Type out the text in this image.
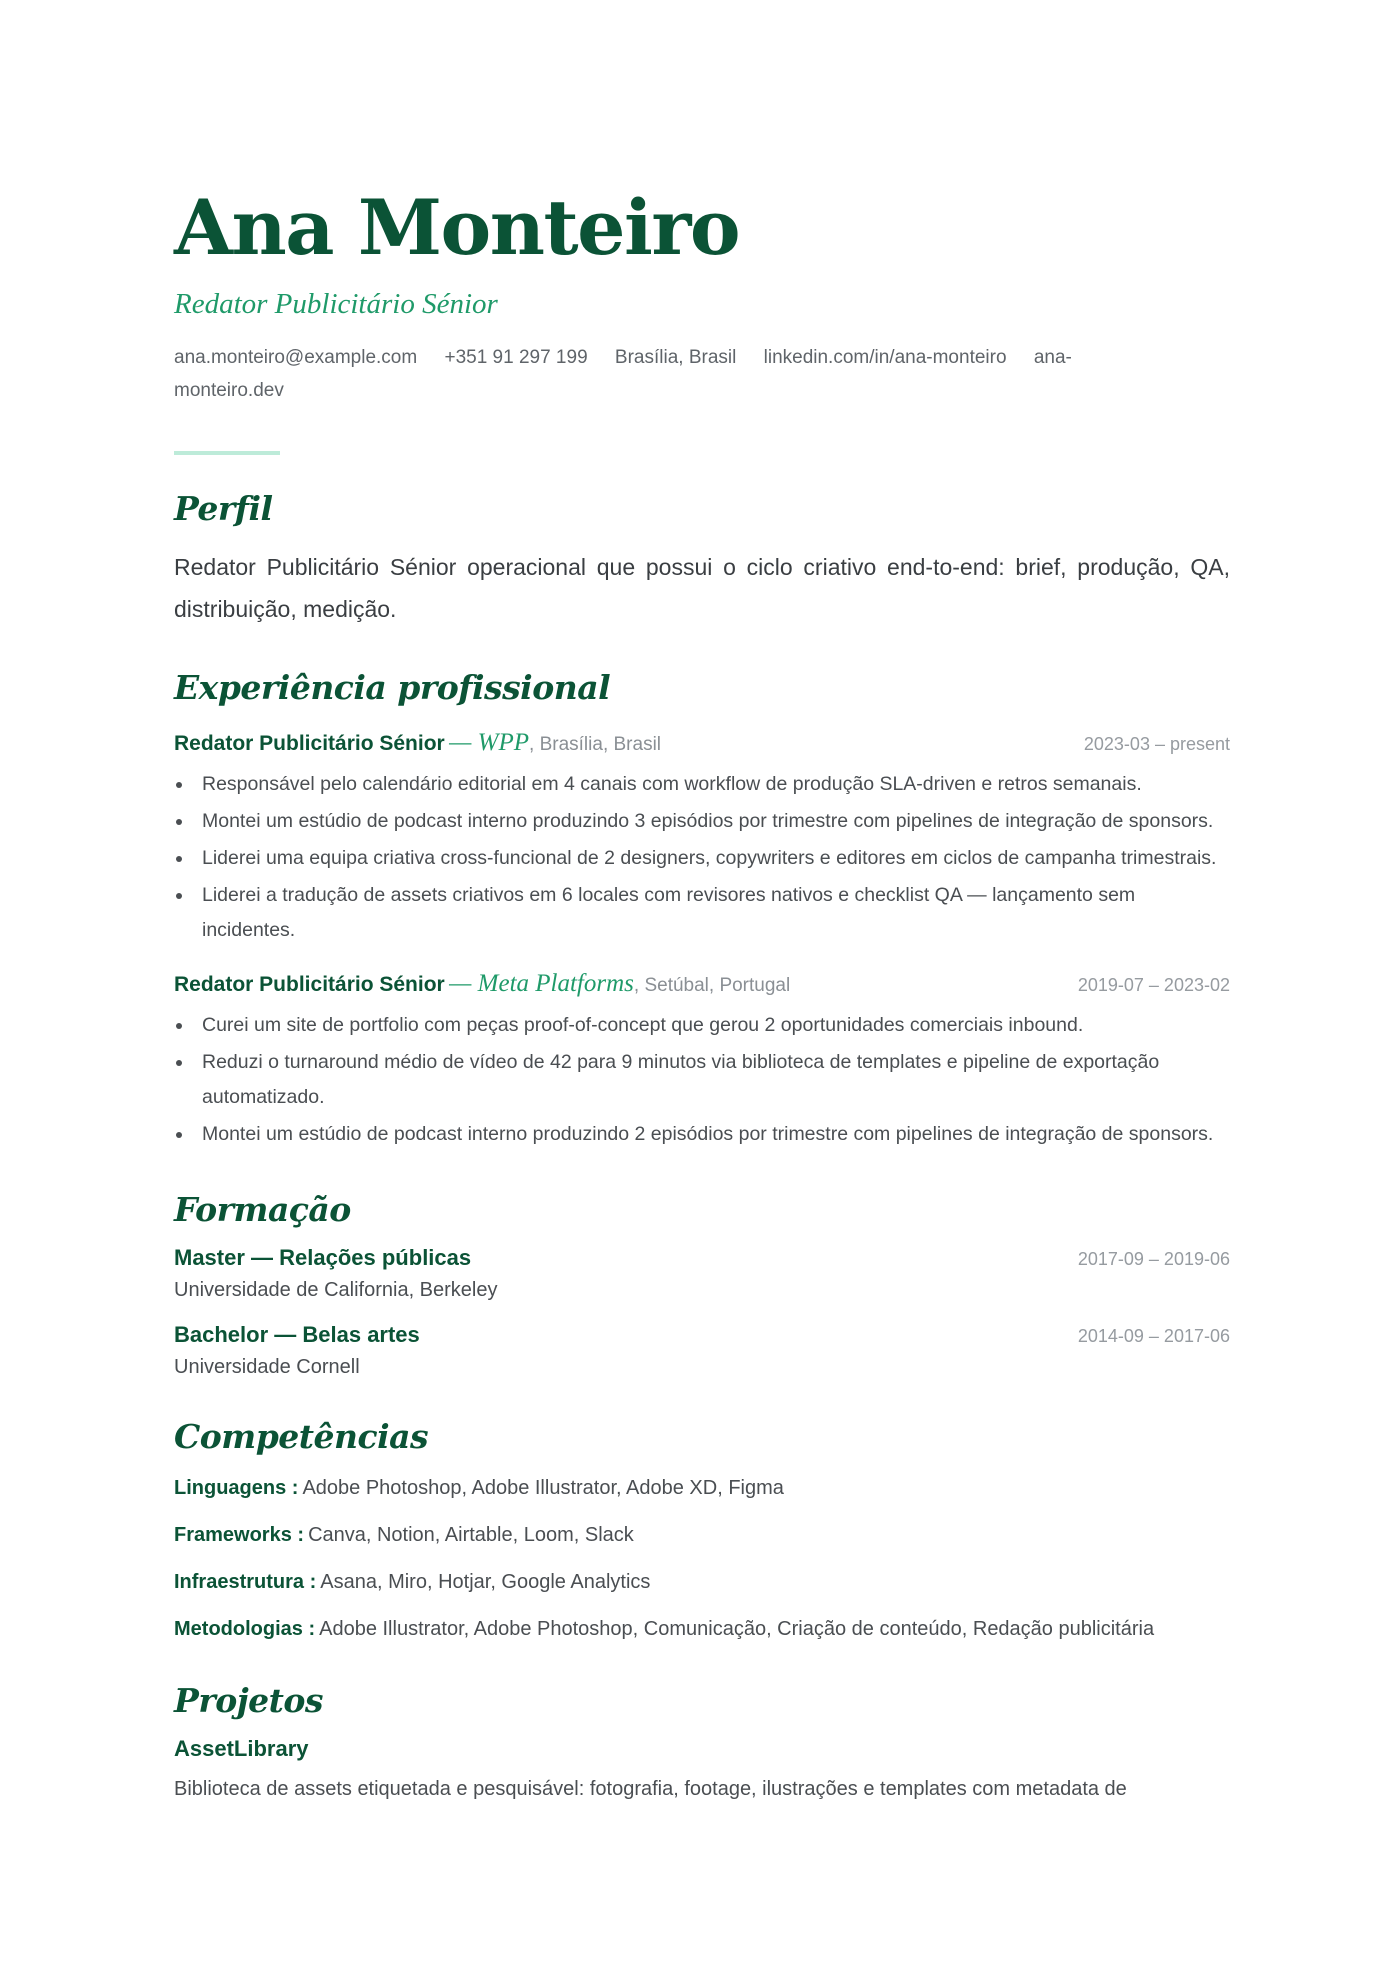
Ana Monteiro
Redator Publicitário Sénior
ana.monteiro@example.com +351 91 297 199 Brasília, Brasil linkedin.com/in/ana-monteiro ana-monteiro.dev
Perfil
Redator Publicitário Sénior operacional que possui o ciclo criativo end-to-end: brief, produção, QA, distribuição, medição.
Experiência profissional
Redator Publicitário Sénior — WPP, Brasília, Brasil	2023-03 – present
Responsável pelo calendário editorial em 4 canais com workflow de produção SLA-driven e retros semanais.
Montei um estúdio de podcast interno produzindo 3 episódios por trimestre com pipelines de integração de sponsors.
Liderei uma equipa criativa cross-funcional de 2 designers, copywriters e editores em ciclos de campanha trimestrais.
Liderei a tradução de assets criativos em 6 locales com revisores nativos e checklist QA — lançamento sem incidentes.
Redator Publicitário Sénior — Meta Platforms, Setúbal, Portugal	2019-07 – 2023-02
Curei um site de portfolio com peças proof-of-concept que gerou 2 oportunidades comerciais inbound.
Reduzi o turnaround médio de vídeo de 42 para 9 minutos via biblioteca de templates e pipeline de exportação automatizado.
Montei um estúdio de podcast interno produzindo 2 episódios por trimestre com pipelines de integração de sponsors.
Formação
Master — Relações públicas	2017-09 – 2019-06
Universidade de California, Berkeley
Bachelor — Belas artes	2014-09 – 2017-06
Universidade Cornell
Competências
Linguagens : Adobe Photoshop, Adobe Illustrator, Adobe XD, Figma
Frameworks : Canva, Notion, Airtable, Loom, Slack
Infraestrutura : Asana, Miro, Hotjar, Google Analytics
Metodologias : Adobe Illustrator, Adobe Photoshop, Comunicação, Criação de conteúdo, Redação publicitária
Projetos
AssetLibrary
Biblioteca de assets etiquetada e pesquisável: fotografia, footage, ilustrações e templates com metadata de
